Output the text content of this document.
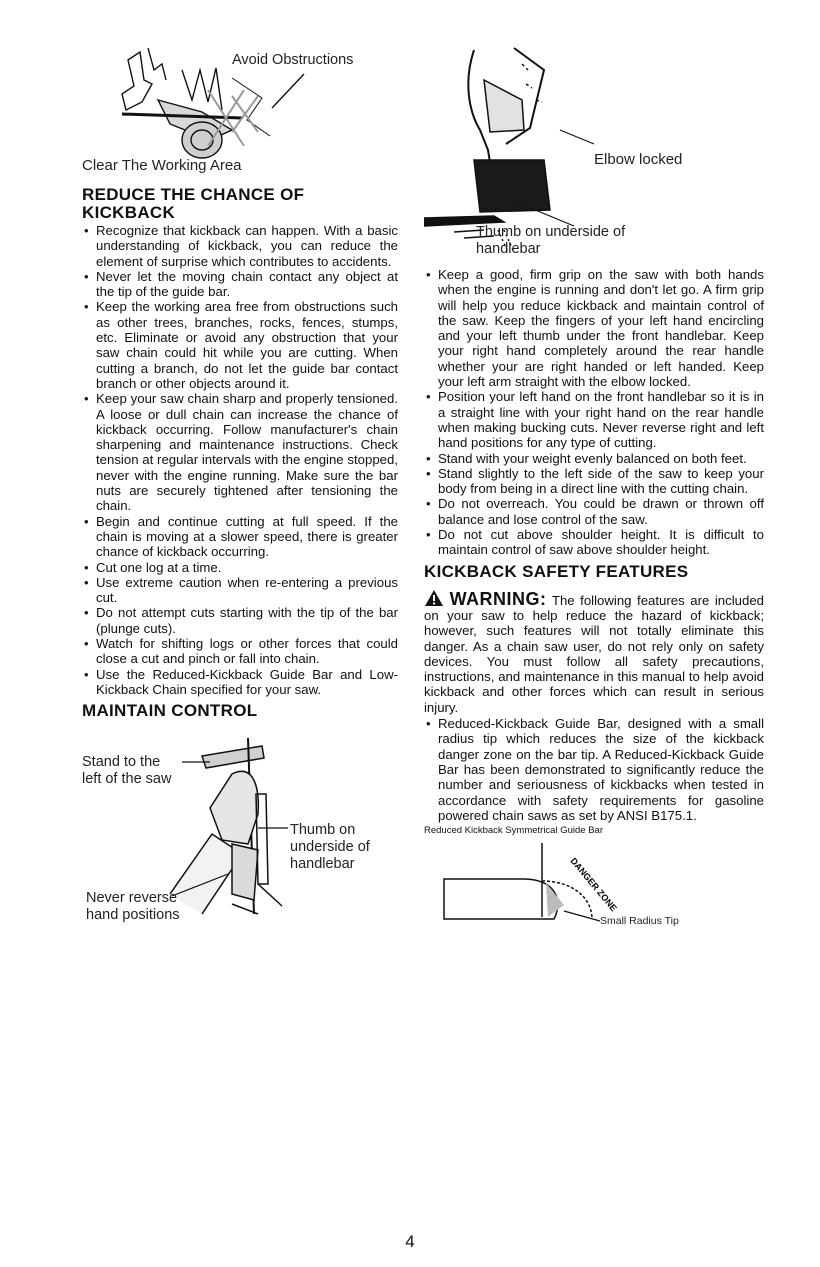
Avoid Obstructions
Clear The Working Area
REDUCE THE CHANCE OF
KICKBACK
• Recognize that kickback can happen. With a basic understanding of kickback, you can reduce the element of surprise which contributes to accidents.
• Never let the moving chain contact any object at the tip of the guide bar.
• Keep the working area free from obstructions such as other trees, branches, rocks, fences, stumps, etc. Eliminate or avoid any obstruction that your saw chain could hit while you are cutting. When cutting a branch, do not let the guide bar contact branch or other objects around it.
• Keep your saw chain sharp and properly tensioned. A loose or dull chain can increase the chance of kickback occurring. Follow manufacturer's chain sharpening and maintenance instructions. Check tension at regular intervals with the engine stopped, never with the engine running. Make sure the bar nuts are securely tightened after tensioning the chain.
• Begin and continue cutting at full speed. If the chain is moving at a slower speed, there is greater chance of kickback occurring.
• Cut one log at a time.
• Use extreme caution when re-entering a previous cut.
• Do not attempt cuts starting with the tip of the bar (plunge cuts).
• Watch for shifting logs or other forces that could close a cut and pinch or fall into chain.
• Use the Reduced-Kickback Guide Bar and Low-Kickback Chain specified for your saw.
MAINTAIN CONTROL
Stand to the
left of the saw
Thumb on
underside of
handlebar
Never reverse
hand positions
Elbow locked
Thumb on underside of
handlebar
• Keep a good, firm grip on the saw with both hands when the engine is running and don't let go. A firm grip will help you reduce kickback and maintain control of the saw. Keep the fingers of your left hand encircling and your left thumb under the front handlebar. Keep your right hand completely around the rear handle whether your are right handed or left handed. Keep your left arm straight with the elbow locked.
• Position your left hand on the front handlebar so it is in a straight line with your right hand on the rear handle when making bucking cuts. Never reverse right and left hand positions for any type of cutting.
• Stand with your weight evenly balanced on both feet.
• Stand slightly to the left side of the saw to keep your body from being in a direct line with the cutting chain.
• Do not overreach. You could be drawn or thrown off balance and lose control of the saw.
• Do not cut above shoulder height. It is difficult to maintain control of saw above shoulder height.
KICKBACK SAFETY FEATURES

WARNING: The following features are included on your saw to help reduce the hazard of kickback; however, such features will not totally eliminate this danger. As a chain saw user, do not rely only on safety devices. You must follow all safety precautions, instructions, and maintenance in this manual to help avoid kickback and other forces which can result in serious injury.

• Reduced-Kickback Guide Bar, designed with a small radius tip which reduces the size of the kickback danger zone on the bar tip. A Reduced-Kickback Guide Bar has been demonstrated to significantly reduce the number and seriousness of kickbacks when tested in accordance with safety requirements for gasoline powered chain saws as set by ANSI B175.1.
Reduced Kickback Symmetrical Guide Bar
DANGER ZONE
Small Radius Tip
4
